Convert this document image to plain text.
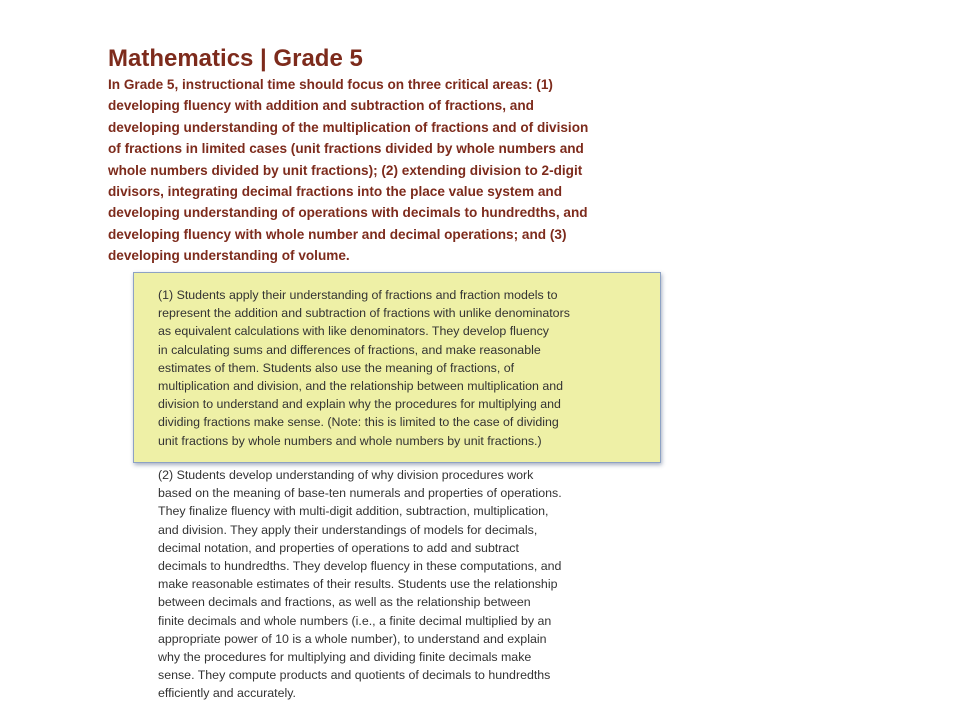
Mathematics | Grade 5
In Grade 5, instructional time should focus on three critical areas: (1)
developing fluency with addition and subtraction of fractions, and
developing understanding of the multiplication of fractions and of division
of fractions in limited cases (unit fractions divided by whole numbers and
whole numbers divided by unit fractions); (2) extending division to 2-digit
divisors, integrating decimal fractions into the place value system and
developing understanding of operations with decimals to hundredths, and
developing fluency with whole number and decimal operations; and (3)
developing understanding of volume.
(1) Students apply their understanding of fractions and fraction models to
represent the addition and subtraction of fractions with unlike denominators
as equivalent calculations with like denominators. They develop fluency
in calculating sums and differences of fractions, and make reasonable
estimates of them. Students also use the meaning of fractions, of
multiplication and division, and the relationship between multiplication and
division to understand and explain why the procedures for multiplying and
dividing fractions make sense. (Note: this is limited to the case of dividing
unit fractions by whole numbers and whole numbers by unit fractions.)
(2) Students develop understanding of why division procedures work
based on the meaning of base-ten numerals and properties of operations.
They finalize fluency with multi-digit addition, subtraction, multiplication,
and division. They apply their understandings of models for decimals,
decimal notation, and properties of operations to add and subtract
decimals to hundredths. They develop fluency in these computations, and
make reasonable estimates of their results. Students use the relationship
between decimals and fractions, as well as the relationship between
finite decimals and whole numbers (i.e., a finite decimal multiplied by an
appropriate power of 10 is a whole number), to understand and explain
why the procedures for multiplying and dividing finite decimals make
sense. They compute products and quotients of decimals to hundredths
efficiently and accurately.
